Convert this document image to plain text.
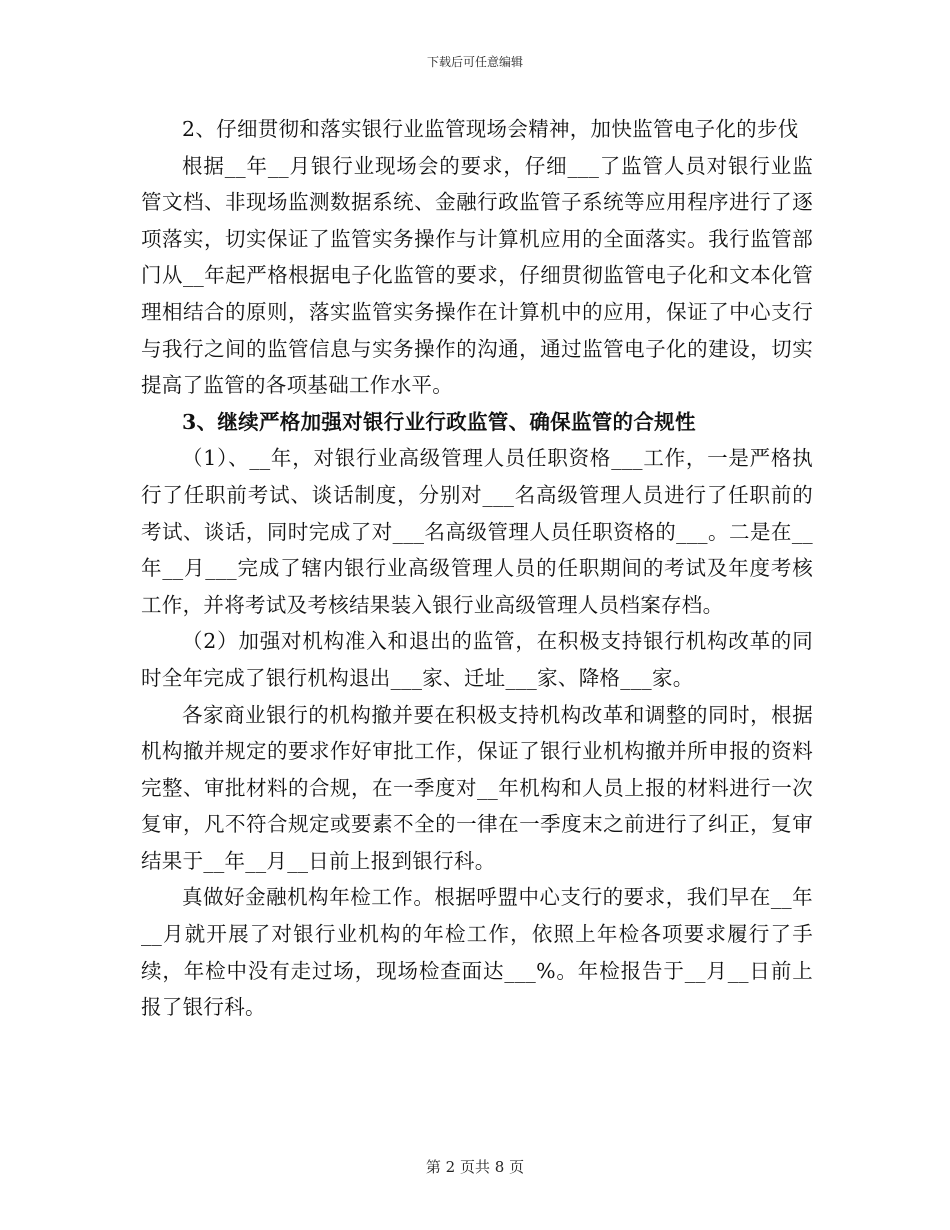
下载后可任意编辑

2、仔细贯彻和落实银行业监管现场会精神，加快监管电子化的步伐

根据__年__月银行业现场会的要求，仔细___了监管人员对银行业监管文档、非现场监测数据系统、金融行政监管子系统等应用程序进行了逐项落实，切实保证了监管实务操作与计算机应用的全面落实。我行监管部门从__年起严格根据电子化监管的要求，仔细贯彻监管电子化和文本化管理相结合的原则，落实监管实务操作在计算机中的应用，保证了中心支行与我行之间的监管信息与实务操作的沟通，通过监管电子化的建设，切实提高了监管的各项基础工作水平。

3、继续严格加强对银行业行政监管、确保监管的合规性

（1）、__年，对银行业高级管理人员任职资格___工作，一是严格执行了任职前考试、谈话制度，分别对___名高级管理人员进行了任职前的考试、谈话，同时完成了对___名高级管理人员任职资格的___。二是在__年__月___完成了辖内银行业高级管理人员的任职期间的考试及年度考核工作，并将考试及考核结果装入银行业高级管理人员档案存档。

（2）加强对机构准入和退出的监管，在积极支持银行机构改革的同时全年完成了银行机构退出___家、迁址___家、降格___家。

各家商业银行的机构撤并要在积极支持机构改革和调整的同时，根据机构撤并规定的要求作好审批工作，保证了银行业机构撤并所申报的资料完整、审批材料的合规，在一季度对__年机构和人员上报的材料进行一次复审，凡不符合规定或要素不全的一律在一季度末之前进行了纠正，复审结果于__年__月__日前上报到银行科。

真做好金融机构年检工作。根据呼盟中心支行的要求，我们早在__年__月就开展了对银行业机构的年检工作，依照上年检各项要求履行了手续，年检中没有走过场，现场检查面达___%。年检报告于__月__日前上报了银行科。

第 2 页共 8 页
